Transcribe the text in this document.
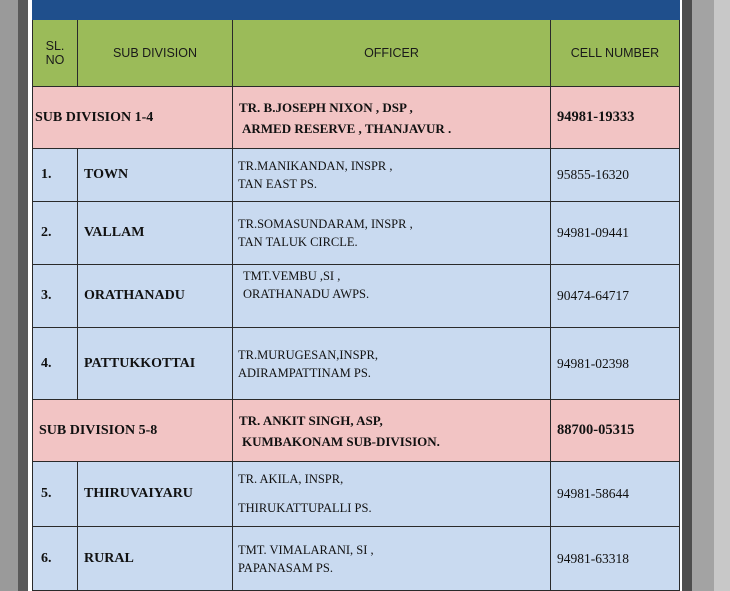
SL.
NO	SUB DIVISION	OFFICER	CELL NUMBER
SUB DIVISION 1-4		TR. B.JOSEPH NIXON , DSP ,
ARMED RESERVE , THANJAVUR .	94981-19333
1.	TOWN	TR.MANIKANDAN, INSPR ,
TAN EAST PS.	95855-16320
2.	VALLAM	TR.SOMASUNDARAM, INSPR ,
TAN TALUK CIRCLE.	94981-09441
3.	ORATHANADU	TMT.VEMBU ,SI ,
ORATHANADU AWPS.	90474-64717
4.	PATTUKKOTTAI	TR.MURUGESAN,INSPR,
ADIRAMPATTINAM PS.	94981-02398
SUB DIVISION 5-8		TR. ANKIT SINGH, ASP,
KUMBAKONAM SUB-DIVISION.	88700-05315
5.	THIRUVAIYARU	TR. AKILA, INSPR,
THIRUKATTUPALLI PS.	94981-58644
6.	RURAL	TMT. VIMALARANI, SI ,
PAPANASAM PS.	94981-63318
